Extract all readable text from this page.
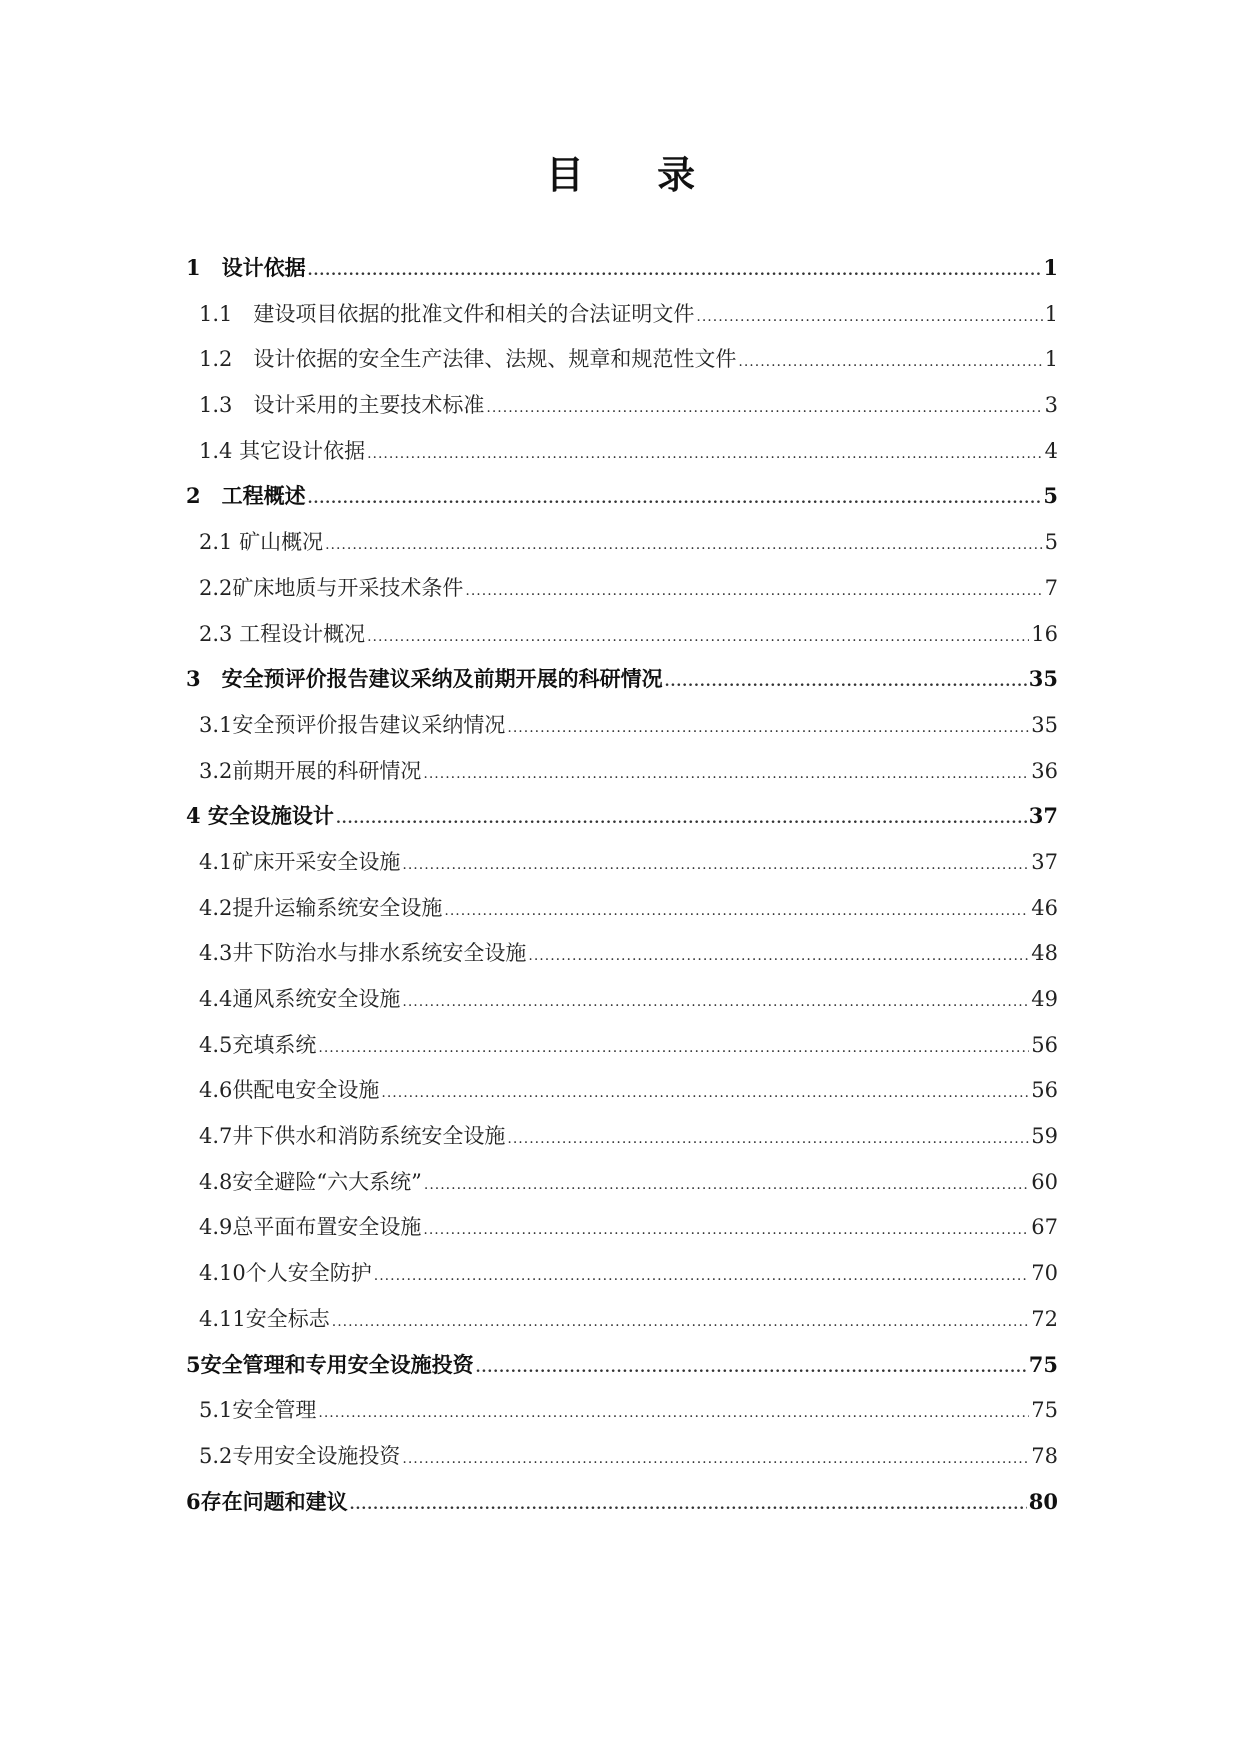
目 录
1　设计依据 .....	1
1.1　建设项目依据的批准文件和相关的合法证明文件 .....	1
1.2　设计依据的安全生产法律、法规、规章和规范性文件 .....	1
1.3　设计采用的主要技术标准 .....	3
1.4 其它设计依据 .....	4
2　工程概述 .....	5
2.1 矿山概况 .....	5
2.2矿床地质与开采技术条件 .....	7
2.3 工程设计概况 .....	16
3　安全预评价报告建议采纳及前期开展的科研情况 .....	35
3.1安全预评价报告建议采纳情况 .....	35
3.2前期开展的科研情况 .....	36
4 安全设施设计 .....	37
4.1矿床开采安全设施 .....	37
4.2提升运输系统安全设施 .....	46
4.3井下防治水与排水系统安全设施 .....	48
4.4通风系统安全设施 .....	49
4.5充填系统 .....	56
4.6供配电安全设施 .....	56
4.7井下供水和消防系统安全设施 .....	59
4.8安全避险“六大系统” .....	60
4.9总平面布置安全设施 .....	67
4.10个人安全防护 .....	70
4.11安全标志 .....	72
5安全管理和专用安全设施投资 .....	75
5.1安全管理 .....	75
5.2专用安全设施投资 .....	78
6存在问题和建议 .....	80
